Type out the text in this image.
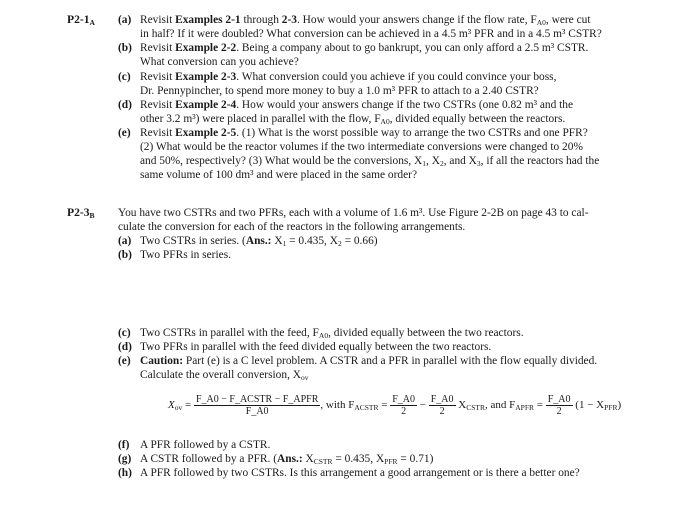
$P2-1_A$ (a) Revisit Examples 2-1 through 2-3. How would your answers change if the flow rate, $F_{A0}$, were cut
in half? If it were doubled? What conversion can be achieved in a 4.5 m³ PFR and in a 4.5 m³ CSTR?
(b) Revisit Example 2-2. Being a company about to go bankrupt, you can only afford a 2.5 m³ CSTR.
What conversion can you achieve?
(c) Revisit Example 2-3. What conversion could you achieve if you could convince your boss,
Dr. Pennypincher, to spend more money to buy a 1.0 m³ PFR to attach to a 2.40 CSTR?
(d) Revisit Example 2-4. How would your answers change if the two CSTRs (one 0.82 m³ and the
other 3.2 m³) were placed in parallel with the flow, $F_{A0}$, divided equally between the reactors.
(e) Revisit Example 2-5. (1) What is the worst possible way to arrange the two CSTRs and one PFR?
(2) What would be the reactor volumes if the two intermediate conversions were changed to 20%
and 50%, respectively? (3) What would be the conversions, $X_1$, $X_2$, and $X_3$, if all the reactors had the
same volume of 100 dm³ and were placed in the same order?
$P2-3_B$ You have two CSTRs and two PFRs, each with a volume of 1.6 m³. Use Figure 2-2B on page 43 to cal-
culate the conversion for each of the reactors in the following arrangements.
(a) Two CSTRs in series. (Ans.: $X_1 = 0.435$, $X_2 = 0.66$)
(b) Two PFRs in series.
(c) Two CSTRs in parallel with the feed, $F_{A0}$, divided equally between the two reactors.
(d) Two PFRs in parallel with the feed divided equally between the two reactors.
(e) Caution: Part (e) is a C level problem. A CSTR and a PFR in parallel with the flow equally divided.
Calculate the overall conversion, $X_{ov}$
$X_{ov} = \frac{\text{F\_A0 − F\_ACSTR − F\_APFR}}{F\_A0}$ , with $F_{ACSTR} = \frac{F\_A0}{2} - \frac{F\_A0}{2} X_{CSTR}$, and $F_{APFR} = \frac{F\_A0}{2} (1 - X_{PFR})$
(f) A PFR followed by a CSTR.
(g) A CSTR followed by a PFR. (Ans.: $X_{CSTR} = 0.435$, $X_{PFR} = 0.71$)
(h) A PFR followed by two CSTRs. Is this arrangement a good arrangement or is there a better one?
